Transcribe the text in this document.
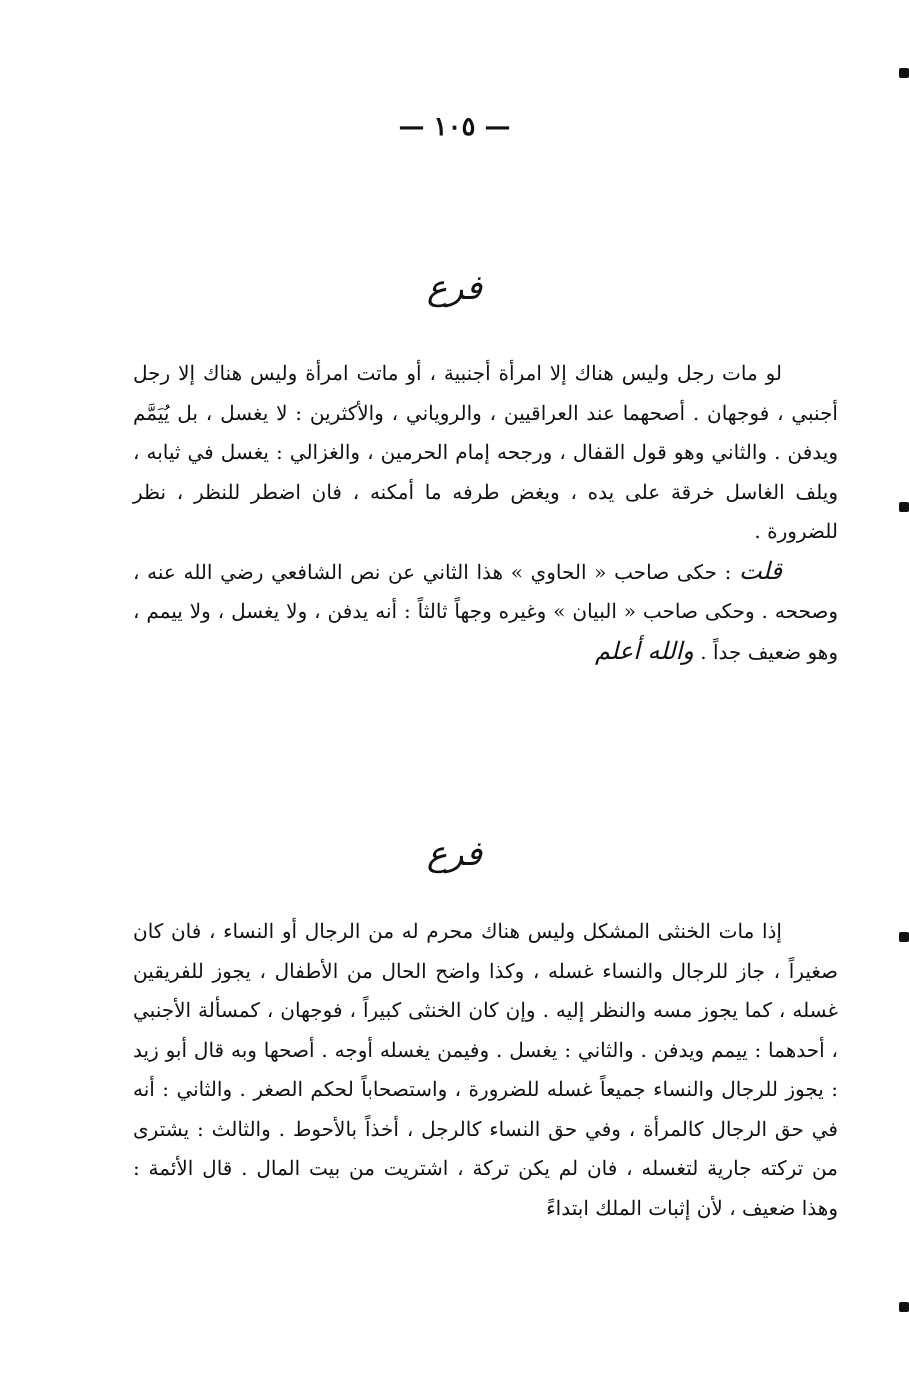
— ١٠٥ —
فرع

لو مات رجل وليس هناك إلا امرأة أجنبية ، أو ماتت امرأة وليس هناك إلا رجل أجنبي ، فوجهان . أصحهما عند العراقيين ، والروياني ، والأكثرين : لا يغسل ، بل يُيَمَّم ويدفن . والثاني وهو قول القفال ، ورجحه إمام الحرمين ، والغزالي : يغسل في ثيابه ، ويلف الغاسل خرقة على يده ، ويغض طرفه ما أمكنه ، فان اضطر للنظر ، نظر للضرورة .

قلت : حكى صاحب « الحاوي » هذا الثاني عن نص الشافعي رضي الله عنه ، وصححه . وحكى صاحب « البيان » وغيره وجهاً ثالثاً : أنه يدفن ، ولا يغسل ، ولا ييمم ، وهو ضعيف جداً . والله أعلم

فرع

إذا مات الخنثى المشكل وليس هناك محرم له من الرجال أو النساء ، فان كان صغيراً ، جاز للرجال والنساء غسله ، وكذا واضح الحال من الأطفال ، يجوز للفريقين غسله ، كما يجوز مسه والنظر إليه . وإن كان الخنثى كبيراً ، فوجهان ، كمسألة الأجنبي ، أحدهما : ييمم ويدفن . والثاني : يغسل . وفيمن يغسله أوجه . أصحها وبه قال أبو زيد : يجوز للرجال والنساء جميعاً غسله للضرورة ، واستصحاباً لحكم الصغر . والثاني : أنه في حق الرجال كالمرأة ، وفي حق النساء كالرجل ، أخذاً بالأحوط . والثالث : يشترى من تركته جارية لتغسله ، فان لم يكن تركة ، اشتريت من بيت المال . قال الأئمة : وهذا ضعيف ، لأن إثبات الملك ابتداءً
